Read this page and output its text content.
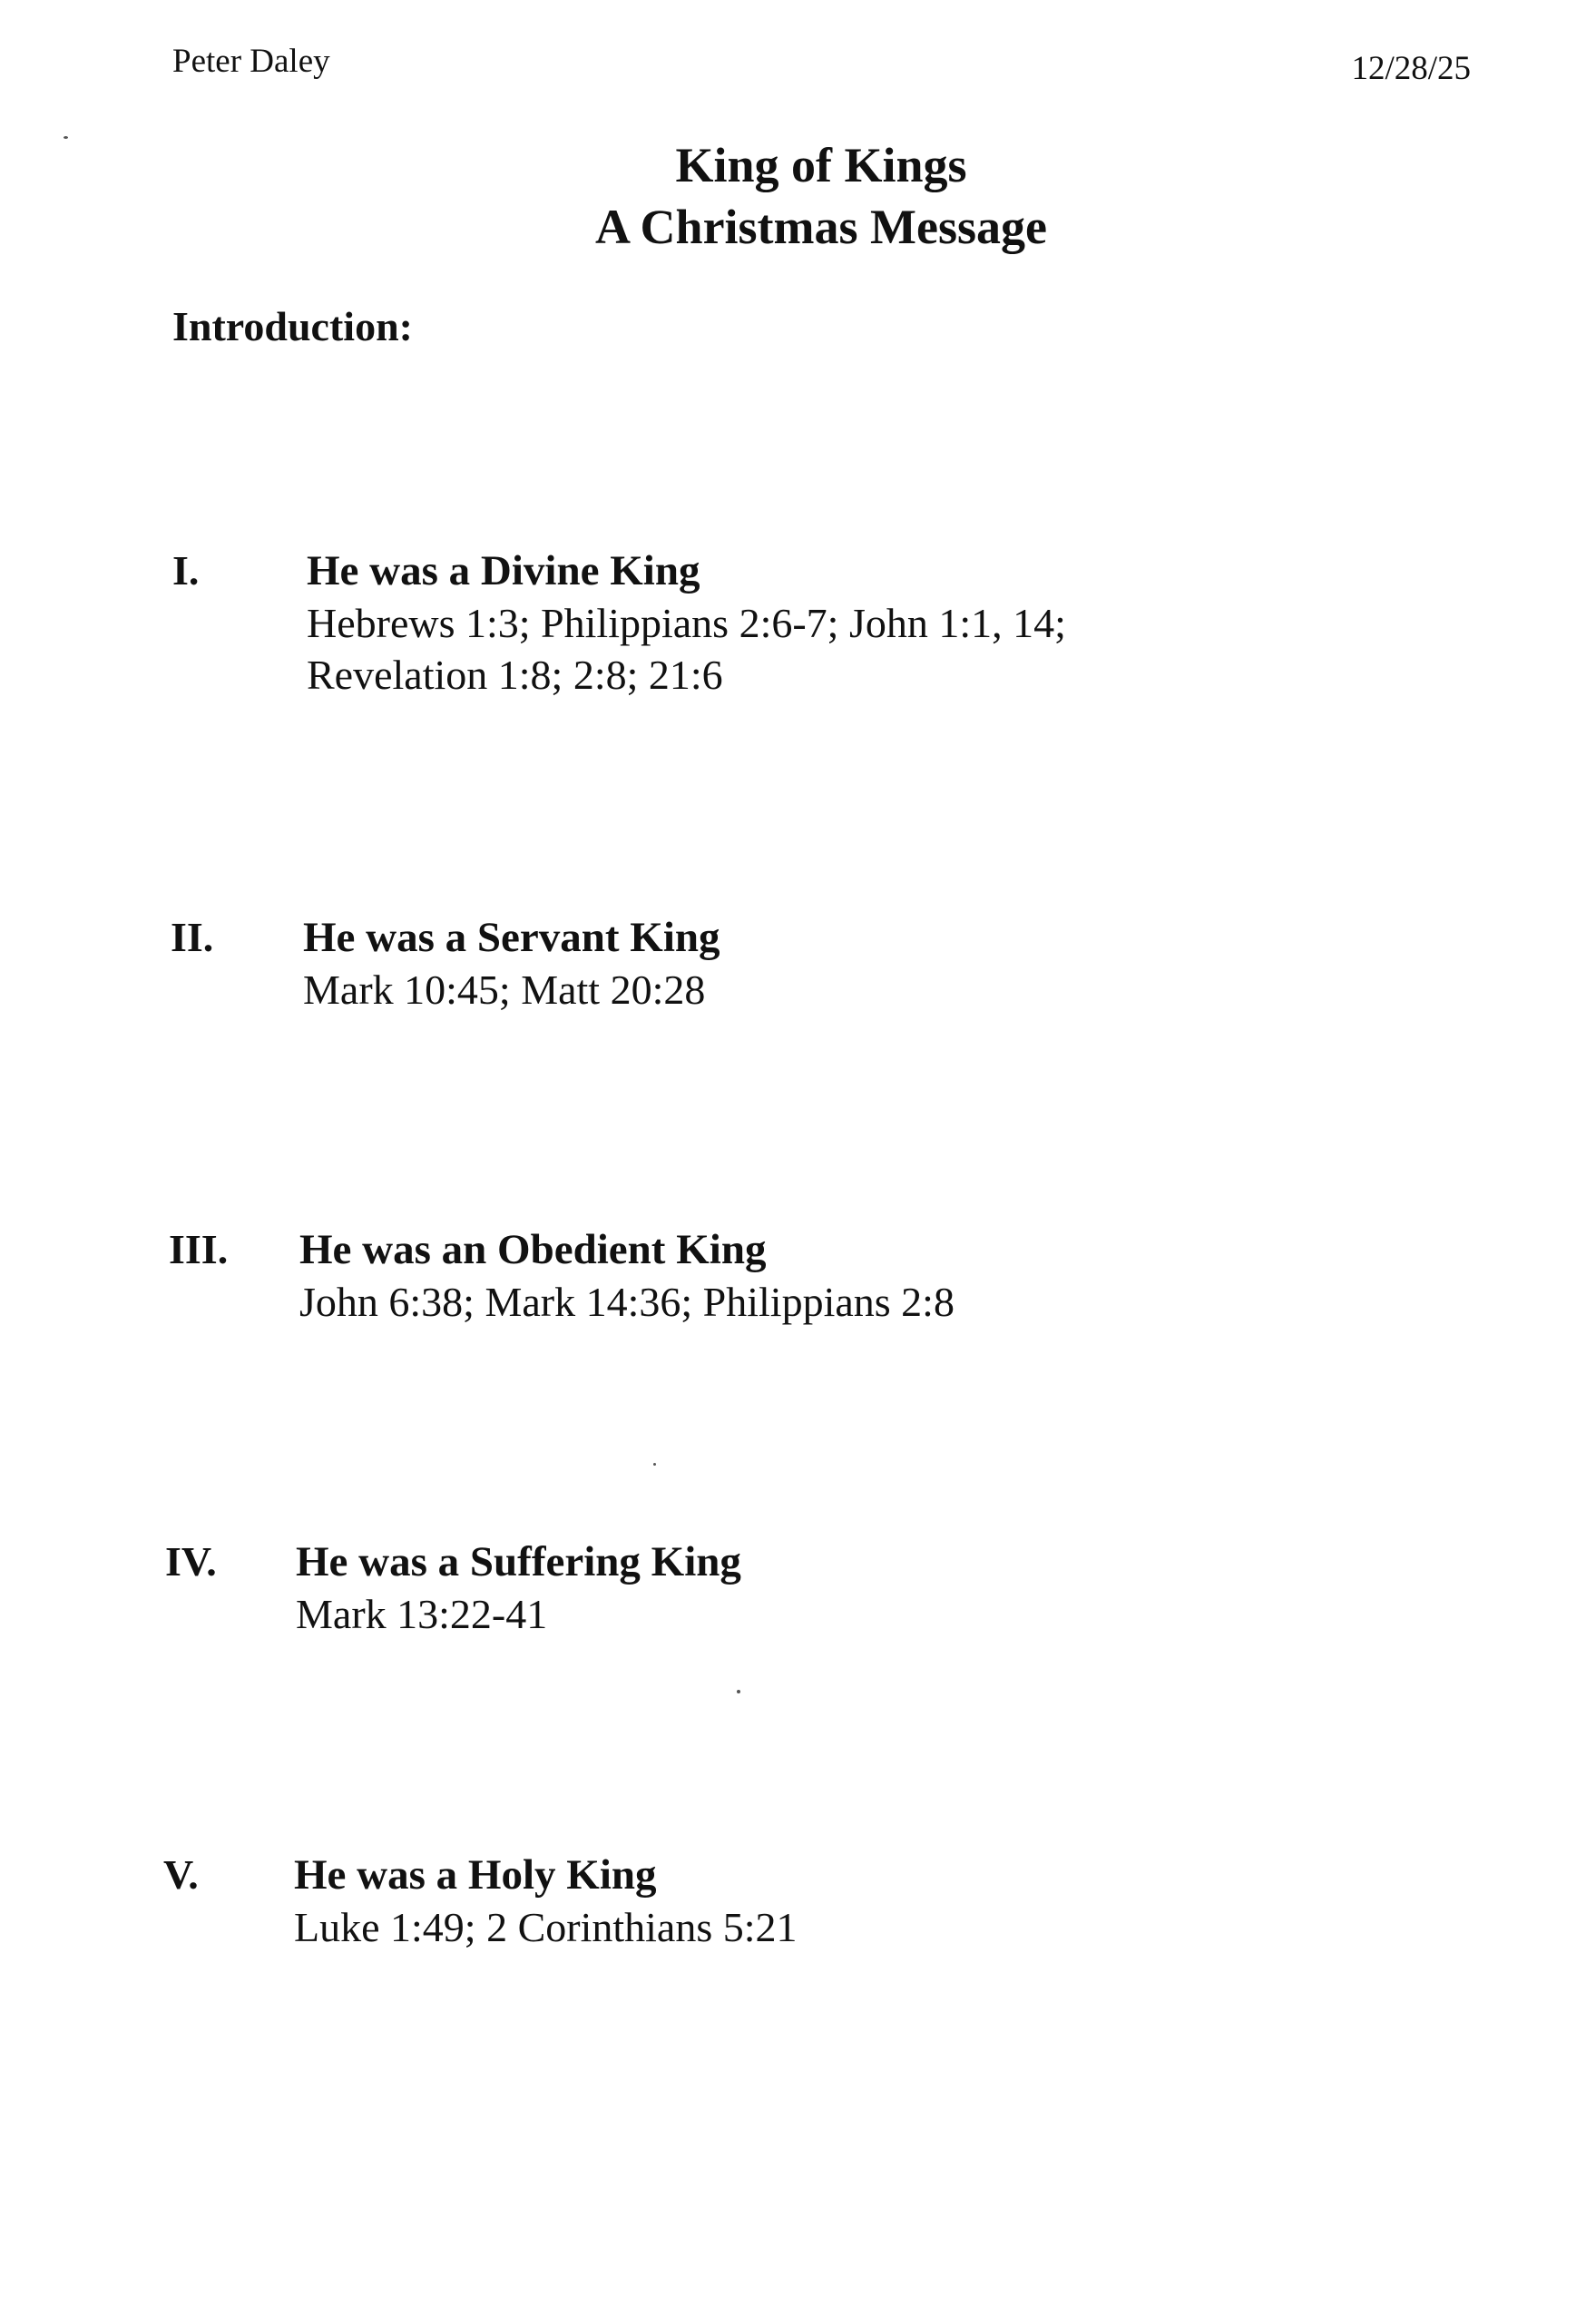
Peter Daley	12/28/25
King of Kings
A Christmas Message
Introduction:
I.	He was a Divine King
Hebrews 1:3; Philippians 2:6-7; John 1:1, 14;
Revelation 1:8; 2:8; 21:6
II.	He was a Servant King
Mark 10:45; Matt 20:28
III.	He was an Obedient King
John 6:38; Mark 14:36; Philippians 2:8
IV.	He was a Suffering King
Mark 13:22-41
V.	He was a Holy King
Luke 1:49; 2 Corinthians 5:21
